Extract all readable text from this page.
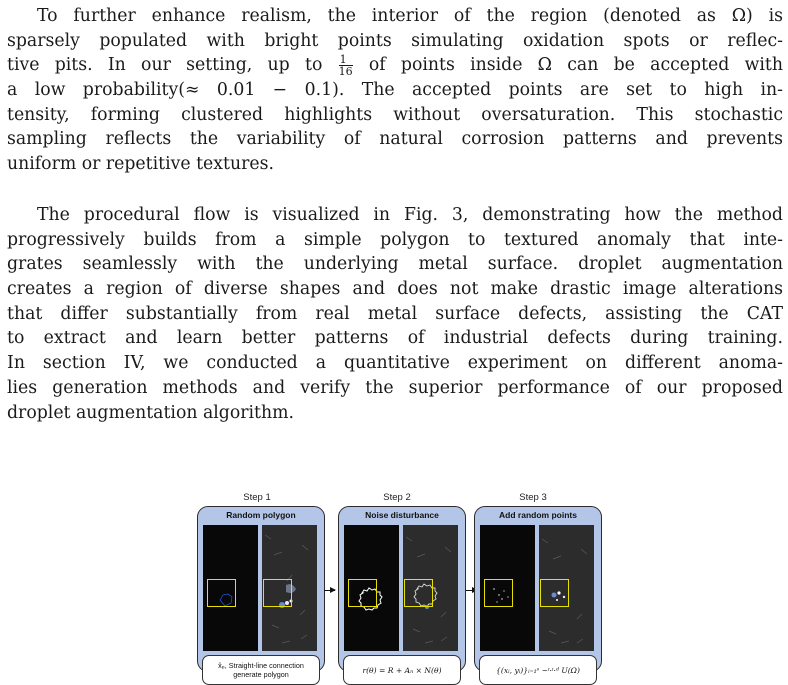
To further enhance realism, the interior of the region (denoted as Ω) is
sparsely populated with bright points simulating oxidation spots or reflec-
tive pits. In our setting, up to $\frac{1}{16}$ of points inside Ω can be accepted with
a low probability(≈ 0.01 − 0.1). The accepted points are set to high in-
tensity, forming clustered highlights without oversaturation. This stochastic
sampling reflects the variability of natural corrosion patterns and prevents
uniform or repetitive textures.
The procedural flow is visualized in Fig. 3, demonstrating how the method
progressively builds from a simple polygon to textured anomaly that inte-
grates seamlessly with the underlying metal surface. droplet augmentation
creates a region of diverse shapes and does not make drastic image alterations
that differ substantially from real metal surface defects, assisting the CAT
to extract and learn better patterns of industrial defects during training.
In section IV, we conducted a quantitative experiment on different anoma-
lies generation methods and verify the superior performance of our proposed
droplet augmentation algorithm.
Step 1
Random polygon
x̂ₚ, Straight-line connection
generate polygon
Step 2
Noise disturbance
r(θ) = R + Aₙ × N(θ)
Step 3
Add random points
{(xᵢ, yᵢ)}ᵢ₌₁ˢ ~ᶦ·ᶦ·ᵈ U(Ω)
